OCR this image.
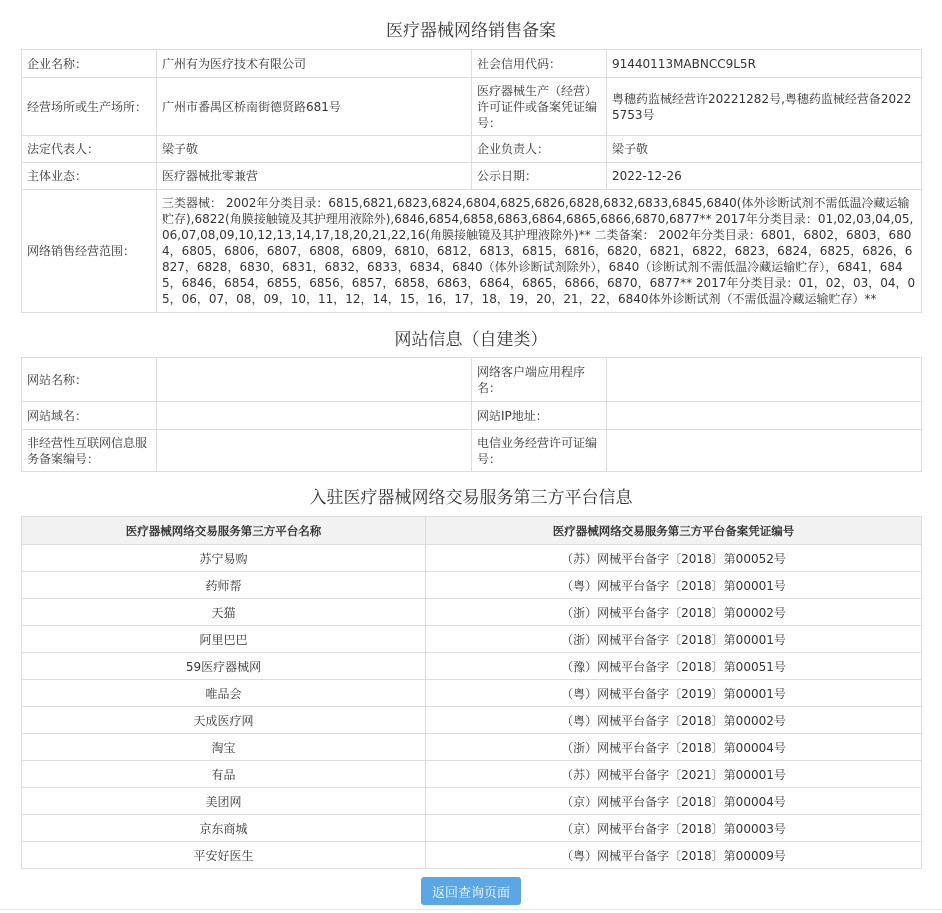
医疗器械网络销售备案
企业名称：	广州有为医疗技术有限公司	社会信用代码：	91440113MABNCC9L5R
经营场所或生产场所：	广州市番禺区桥南街德贤路681号	医疗器械生产（经营）许可证件或备案凭证编号：	粤穗药监械经营许20221282号,粤穗药监械经营备20225753号
法定代表人：	梁子敬	企业负责人：	梁子敬
主体业态：	医疗器械批零兼营	公示日期：	2022-12-26
网络销售经营范围：	三类器械： 2002年分类目录：6815,6821,6823,6824,6804,6825,6826,6828,6832,6833,6845,6840(体外诊断试剂不需低温冷藏运输贮存),6822(角膜接触镜及其护理用液除外),6846,6854,6858,6863,6864,6865,6866,6870,6877** 2017年分类目录：01,02,03,04,05,06,07,08,09,10,12,13,14,17,18,20,21,22,16(角膜接触镜及其护理液除外)** 二类备案： 2002年分类目录：6801，6802，6803，6804，6805，6806，6807，6808，6809，6810，6812，6813，6815，6816，6820，6821，6822，6823，6824，6825，6826，6827，6828，6830，6831，6832，6833，6834，6840（体外诊断试剂除外），6840（诊断试剂不需低温冷藏运输贮存），6841，6845，6846，6854，6855，6856，6857，6858，6863，6864，6865，6866，6870，6877** 2017年分类目录：01，02，03，04，05，06，07，08，09，10，11，12，14，15，16，17，18，19，20，21，22，6840体外诊断试剂（不需低温冷藏运输贮存）**		
网站信息（自建类）
网站名称：		网络客户端应用程序名：	
网站域名：		网站IP地址：	
非经营性互联网信息服务备案编号：		电信业务经营许可证编号：	
入驻医疗器械网络交易服务第三方平台信息
医疗器械网络交易服务第三方平台名称	医疗器械网络交易服务第三方平台备案凭证编号
苏宁易购	（苏）网械平台备字〔2018〕第00052号
药师帮	（粤）网械平台备字〔2018〕第00001号
天猫	（浙）网械平台备字〔2018〕第00002号
阿里巴巴	（浙）网械平台备字〔2018〕第00001号
59医疗器械网	（豫）网械平台备字〔2018〕第00051号
唯品会	（粤）网械平台备字〔2019〕第00001号
天成医疗网	（粤）网械平台备字〔2018〕第00002号
淘宝	（浙）网械平台备字〔2018〕第00004号
有品	（苏）网械平台备字〔2021〕第00001号
美团网	（京）网械平台备字〔2018〕第00004号
京东商城	（京）网械平台备字〔2018〕第00003号
平安好医生	（粤）网械平台备字〔2018〕第00009号
返回查询页面
